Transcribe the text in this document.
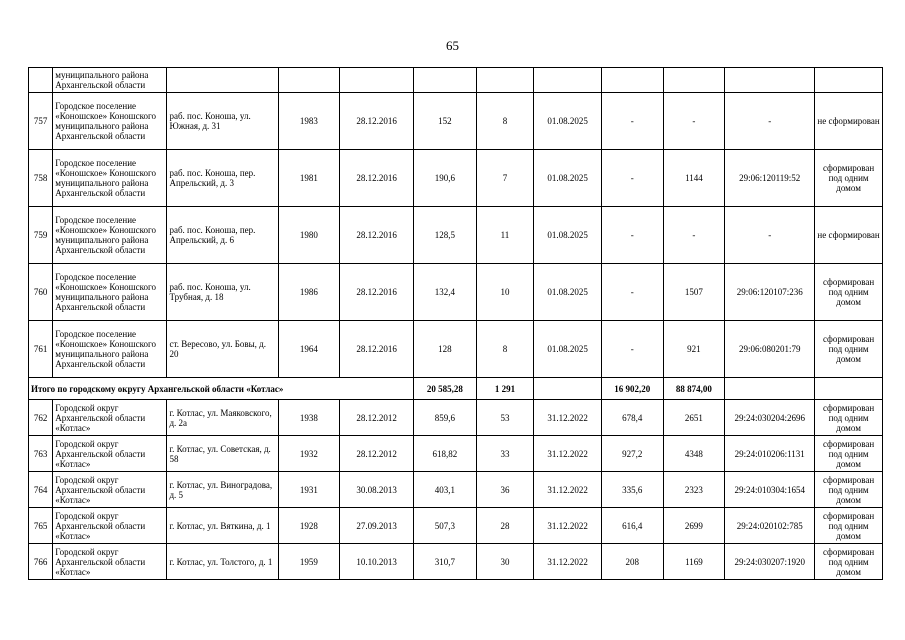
65
	муниципального района Архангельской области										
757	Городское поселение «Коношское» Коношского муниципального района Архангельской области	раб. пос. Коноша, ул. Южная, д. 31	1983	28.12.2016	152	8	01.08.2025	-	-	-	не сформирован
758	Городское поселение «Коношское» Коношского муниципального района Архангельской области	раб. пос. Коноша, пер. Апрельский, д. 3	1981	28.12.2016	190,6	7	01.08.2025	-	1144	29:06:120119:52	сформирован под одним домом
759	Городское поселение «Коношское» Коношского муниципального района Архангельской области	раб. пос. Коноша, пер. Апрельский, д. 6	1980	28.12.2016	128,5	11	01.08.2025	-	-	-	не сформирован
760	Городское поселение «Коношское» Коношского муниципального района Архангельской области	раб. пос. Коноша, ул. Трубная, д. 18	1986	28.12.2016	132,4	10	01.08.2025	-	1507	29:06:120107:236	сформирован под одним домом
761	Городское поселение «Коношское» Коношского муниципального района Архангельской области	ст. Вересово, ул. Бовы, д. 20	1964	28.12.2016	128	8	01.08.2025	-	921	29:06:080201:79	сформирован под одним домом
Итого по городскому округу Архангельской области «Котлас»					20 585,28	1 291		16 902,20	88 874,00		
762	Городской округ Архангельской области «Котлас»	г. Котлас, ул. Маяковского, д. 2а	1938	28.12.2012	859,6	53	31.12.2022	678,4	2651	29:24:030204:2696	сформирован под одним домом
763	Городской округ Архангельской области «Котлас»	г. Котлас, ул. Советская, д. 58	1932	28.12.2012	618,82	33	31.12.2022	927,2	4348	29:24:010206:1131	сформирован под одним домом
764	Городской округ Архангельской области «Котлас»	г. Котлас, ул. Виноградова, д. 5	1931	30.08.2013	403,1	36	31.12.2022	335,6	2323	29:24:010304:1654	сформирован под одним домом
765	Городской округ Архангельской области «Котлас»	г. Котлас, ул. Вяткина, д. 1	1928	27.09.2013	507,3	28	31.12.2022	616,4	2699	29:24:020102:785	сформирован под одним домом
766	Городской округ Архангельской области «Котлас»	г. Котлас, ул. Толстого, д. 1	1959	10.10.2013	310,7	30	31.12.2022	208	1169	29:24:030207:1920	сформирован под одним домом
